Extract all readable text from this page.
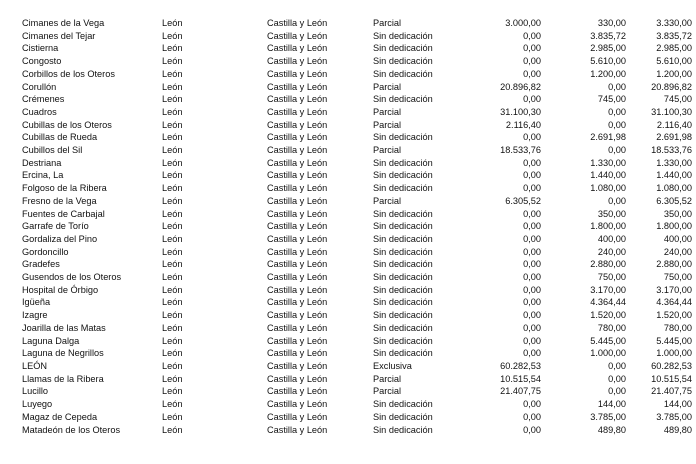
Cimanes de la Vega	León	Castilla y León	Parcial	3.000,00	330,00	3.330,00
Cimanes del Tejar	León	Castilla y León	Sin dedicación	0,00	3.835,72	3.835,72
Cistierna	León	Castilla y León	Sin dedicación	0,00	2.985,00	2.985,00
Congosto	León	Castilla y León	Sin dedicación	0,00	5.610,00	5.610,00
Corbillos de los Oteros	León	Castilla y León	Sin dedicación	0,00	1.200,00	1.200,00
Corullón	León	Castilla y León	Parcial	20.896,82	0,00	20.896,82
Crémenes	León	Castilla y León	Sin dedicación	0,00	745,00	745,00
Cuadros	León	Castilla y León	Parcial	31.100,30	0,00	31.100,30
Cubillas de los Oteros	León	Castilla y León	Parcial	2.116,40	0,00	2.116,40
Cubillas de Rueda	León	Castilla y León	Sin dedicación	0,00	2.691,98	2.691,98
Cubillos del Sil	León	Castilla y León	Parcial	18.533,76	0,00	18.533,76
Destriana	León	Castilla y León	Sin dedicación	0,00	1.330,00	1.330,00
Ercina, La	León	Castilla y León	Sin dedicación	0,00	1.440,00	1.440,00
Folgoso de la Ribera	León	Castilla y León	Sin dedicación	0,00	1.080,00	1.080,00
Fresno de la Vega	León	Castilla y León	Parcial	6.305,52	0,00	6.305,52
Fuentes de Carbajal	León	Castilla y León	Sin dedicación	0,00	350,00	350,00
Garrafe de Torío	León	Castilla y León	Sin dedicación	0,00	1.800,00	1.800,00
Gordaliza del Pino	León	Castilla y León	Sin dedicación	0,00	400,00	400,00
Gordoncillo	León	Castilla y León	Sin dedicación	0,00	240,00	240,00
Gradefes	León	Castilla y León	Sin dedicación	0,00	2.880,00	2.880,00
Gusendos de los Oteros	León	Castilla y León	Sin dedicación	0,00	750,00	750,00
Hospital de Órbigo	León	Castilla y León	Sin dedicación	0,00	3.170,00	3.170,00
Igüeña	León	Castilla y León	Sin dedicación	0,00	4.364,44	4.364,44
Izagre	León	Castilla y León	Sin dedicación	0,00	1.520,00	1.520,00
Joarilla de las Matas	León	Castilla y León	Sin dedicación	0,00	780,00	780,00
Laguna Dalga	León	Castilla y León	Sin dedicación	0,00	5.445,00	5.445,00
Laguna de Negrillos	León	Castilla y León	Sin dedicación	0,00	1.000,00	1.000,00
LEÓN	León	Castilla y León	Exclusiva	60.282,53	0,00	60.282,53
Llamas de la Ribera	León	Castilla y León	Parcial	10.515,54	0,00	10.515,54
Lucillo	León	Castilla y León	Parcial	21.407,75	0,00	21.407,75
Luyego	León	Castilla y León	Sin dedicación	0,00	144,00	144,00
Magaz de Cepeda	León	Castilla y León	Sin dedicación	0,00	3.785,00	3.785,00
Matadeón de los Oteros	León	Castilla y León	Sin dedicación	0,00	489,80	489,80
